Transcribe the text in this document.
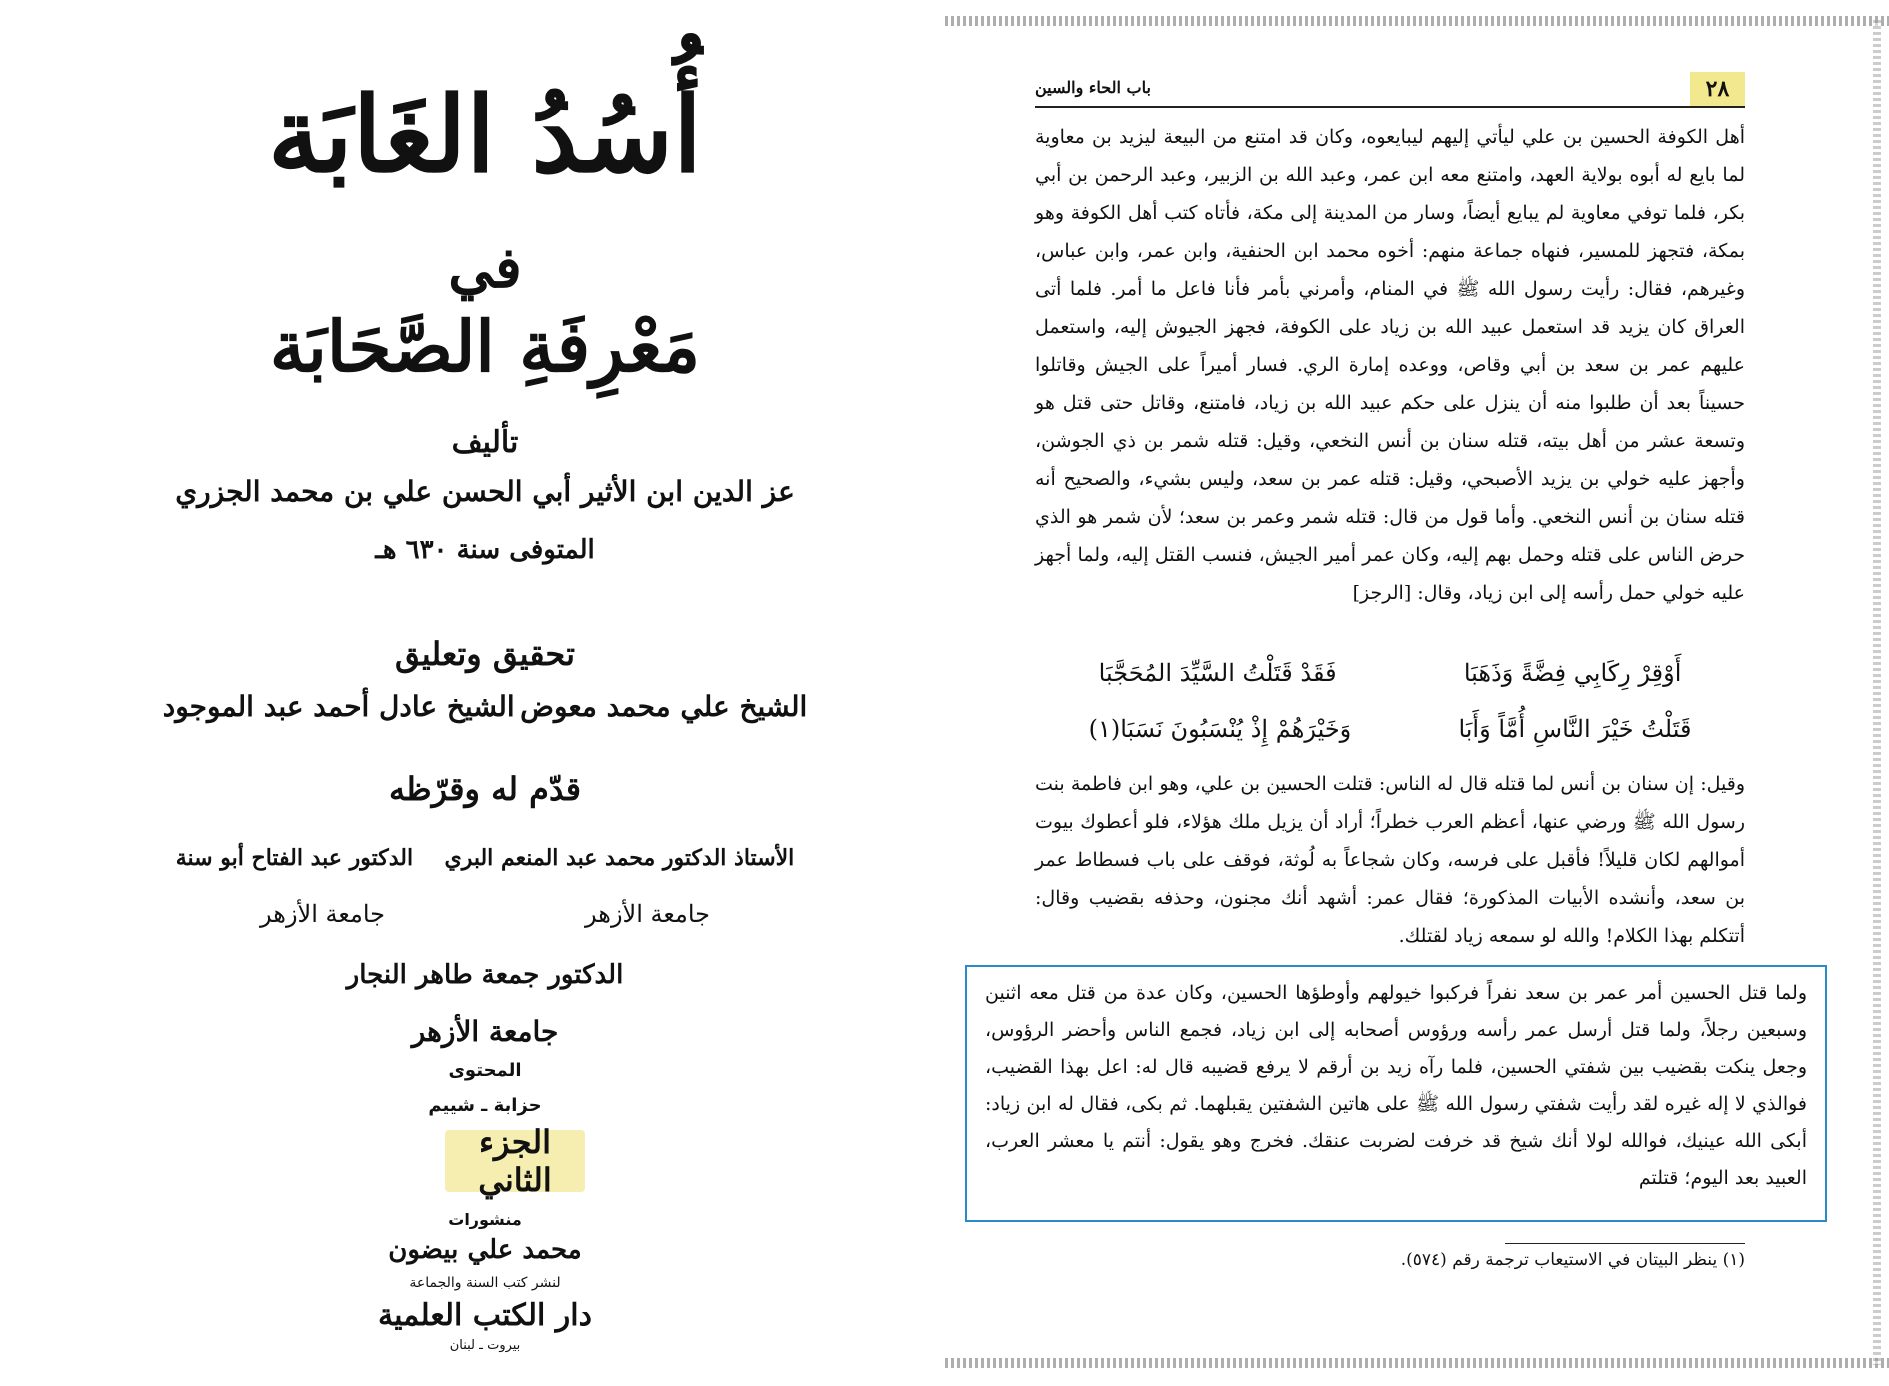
أُسُدُ الغَابَة
في
مَعْرِفَةِ الصَّحَابَة
تأليف
عز الدين ابن الأثير أبي الحسن علي بن محمد الجزري
المتوفى سنة ٦٣٠ هـ
تحقيق وتعليق
الشيخ علي محمد معوض
الشيخ عادل أحمد عبد الموجود
قدّم له وقرّظه
الأستاذ الدكتور محمد عبد المنعم البري
الدكتور عبد الفتاح أبو سنة
جامعة الأزهر
جامعة الأزهر
الدكتور جمعة طاهر النجار
جامعة الأزهر
المحتوى
حزابة ـ شييم
الجزء الثاني
منشورات
محمد علي بيضون
لنشر كتب السنة والجماعة
دار الكتب العلمية
بيروت ـ لبنان
٢٨
باب الحاء والسين

أهل الكوفة الحسين بن علي ليأتي إليهم ليبايعوه، وكان قد امتنع من البيعة ليزيد بن معاوية لما بايع له أبوه بولاية العهد، وامتنع معه ابن عمر، وعبد الله بن الزبير، وعبد الرحمن بن أبي بكر، فلما توفي معاوية لم يبايع أيضاً، وسار من المدينة إلى مكة، فأتاه كتب أهل الكوفة وهو بمكة، فتجهز للمسير، فنهاه جماعة منهم: أخوه محمد ابن الحنفية، وابن عمر، وابن عباس، وغيرهم، فقال: رأيت رسول الله ﷺ في المنام، وأمرني بأمر فأنا فاعل ما أمر. فلما أتى العراق كان يزيد قد استعمل عبيد الله بن زياد على الكوفة، فجهز الجيوش إليه، واستعمل عليهم عمر بن سعد بن أبي وقاص، ووعده إمارة الري. فسار أميراً على الجيش وقاتلوا حسيناً بعد أن طلبوا منه أن ينزل على حكم عبيد الله بن زياد، فامتنع، وقاتل حتى قتل هو وتسعة عشر من أهل بيته، قتله سنان بن أنس النخعي، وقيل: قتله شمر بن ذي الجوشن، وأجهز عليه خولي بن يزيد الأصبحي، وقيل: قتله عمر بن سعد، وليس بشيء، والصحيح أنه قتله سنان بن أنس النخعي. وأما قول من قال: قتله شمر وعمر بن سعد؛ لأن شمر هو الذي حرض الناس على قتله وحمل بهم إليه، وكان عمر أمير الجيش، فنسب القتل إليه، ولما أجهز عليه خولي حمل رأسه إلى ابن زياد، وقال: [الرجز]

أَوْقِرْ رِكَابِي فِضَّةً وَذَهَبَا
فَقَدْ قَتَلْتُ السَّيِّدَ المُحَجَّبَا
قَتَلْتُ خَيْرَ النَّاسِ أُمَّاً وَأَبَا
وَخَيْرَهُمْ إِذْ يُنْسَبُونَ نَسَبَا(١)

وقيل: إن سنان بن أنس لما قتله قال له الناس: قتلت الحسين بن علي، وهو ابن فاطمة بنت رسول الله ﷺ ورضي عنها، أعظم العرب خطراً؛ أراد أن يزيل ملك هؤلاء، فلو أعطوك بيوت أموالهم لكان قليلاً! فأقبل على فرسه، وكان شجاعاً به لُوثة، فوقف على باب فسطاط عمر بن سعد، وأنشده الأبيات المذكورة؛ فقال عمر: أشهد أنك مجنون، وحذفه بقضيب وقال: أتتكلم بهذا الكلام! والله لو سمعه زياد لقتلك.

ولما قتل الحسين أمر عمر بن سعد نفراً فركبوا خيولهم وأوطؤها الحسين، وكان عدة من قتل معه اثنين وسبعين رجلاً، ولما قتل أرسل عمر رأسه ورؤوس أصحابه إلى ابن زياد، فجمع الناس وأحضر الرؤوس، وجعل ينكت بقضيب بين شفتي الحسين، فلما رآه زيد بن أرقم لا يرفع قضيبه قال له: اعل بهذا القضيب، فوالذي لا إله غيره لقد رأيت شفتي رسول الله ﷺ على هاتين الشفتين يقبلهما. ثم بكى، فقال له ابن زياد: أبكى الله عينيك، فوالله لولا أنك شيخ قد خرفت لضربت عنقك. فخرج وهو يقول: أنتم يا معشر العرب، العبيد بعد اليوم؛ قتلتم
(١) ينظر البيتان في الاستيعاب ترجمة رقم (٥٧٤).
